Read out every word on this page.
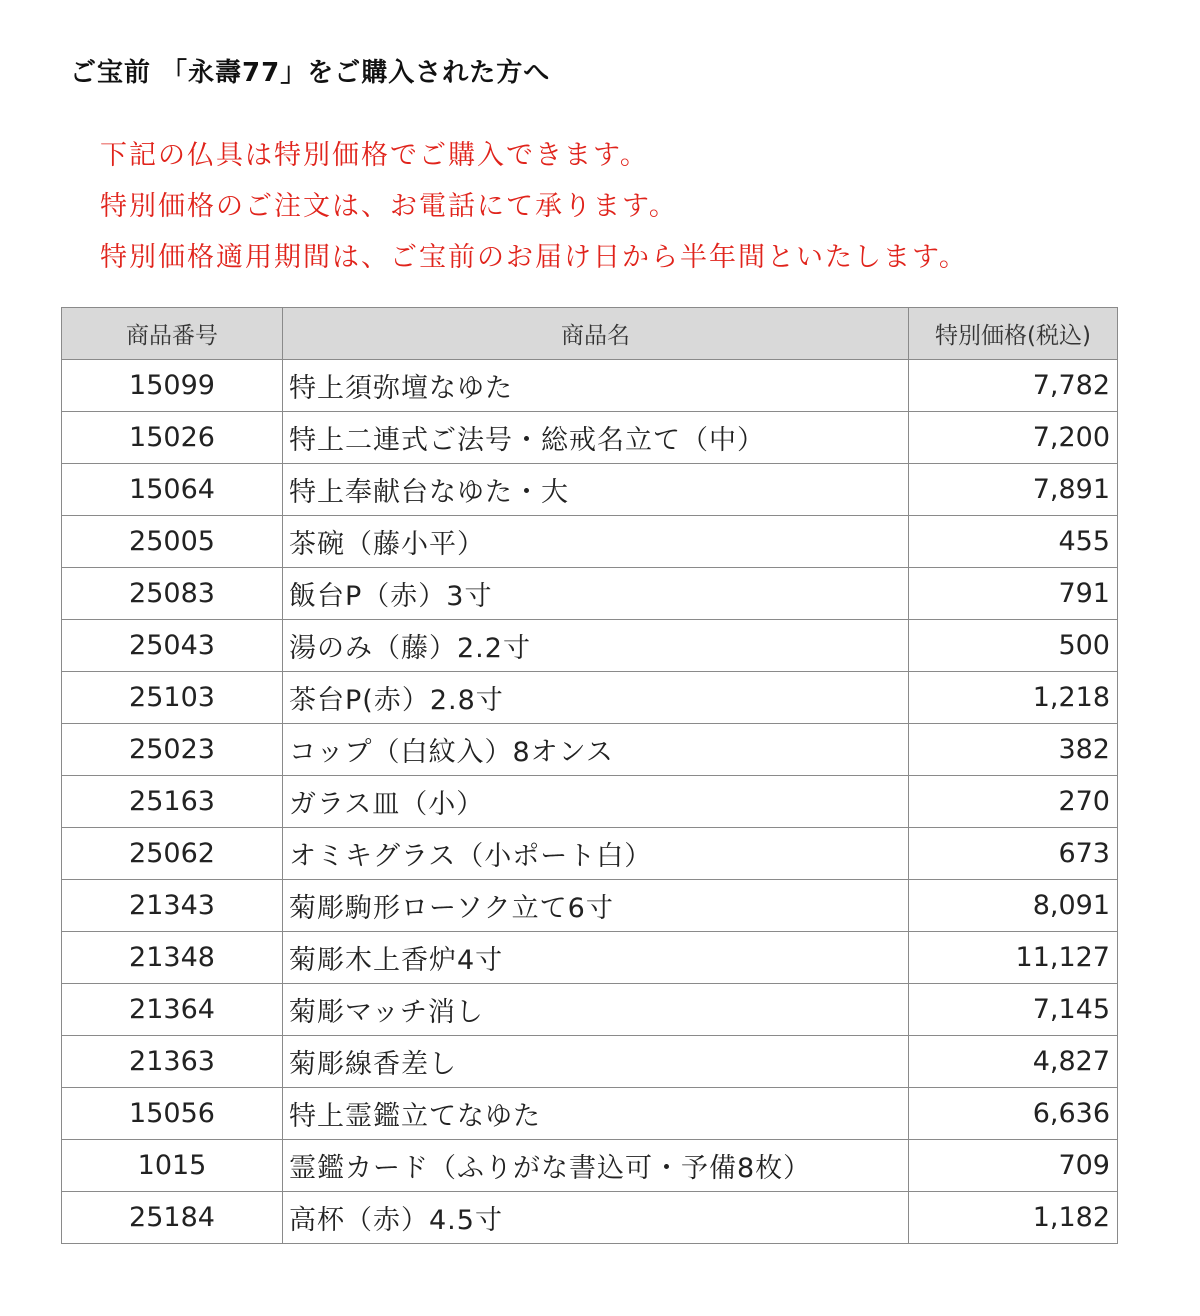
ご宝前 「永壽77」をご購入された方へ
下記の仏具は特別価格でご購入できます。
特別価格のご注文は、お電話にて承ります。
特別価格適用期間は、ご宝前のお届け日から半年間といたします。
商品番号	商品名	特別価格(税込)
15099	特上須弥壇なゆた	7,782
15026	特上二連式ご法号・総戒名立て（中）	7,200
15064	特上奉献台なゆた・大	7,891
25005	茶碗（藤小平）	455
25083	飯台P（赤）3寸	791
25043	湯のみ（藤）2.2寸	500
25103	茶台P(赤）2.8寸	1,218
25023	コップ（白紋入）8オンス	382
25163	ガラス皿（小）	270
25062	オミキグラス（小ポート白）	673
21343	菊彫駒形ローソク立て6寸	8,091
21348	菊彫木上香炉4寸	11,127
21364	菊彫マッチ消し	7,145
21363	菊彫線香差し	4,827
15056	特上霊鑑立てなゆた	6,636
1015	霊鑑カード（ふりがな書込可・予備8枚）	709
25184	高杯（赤）4.5寸	1,182
